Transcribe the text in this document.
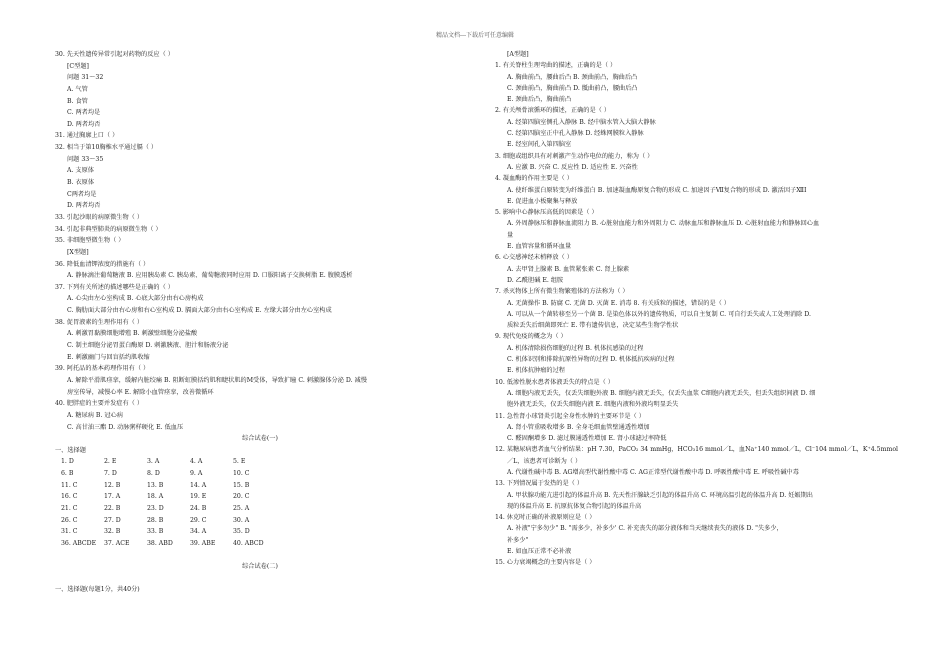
精品文档---下载后可任意编辑
30. 先天性遗传异常引起对药物的反应（ ）
[C型题]
问题 31～32
A. 气管
B. 食管
C. 两者均是
D. 两者均否
31. 通过胸廓上口（ ）
32. 相当于第10胸椎水平通过膈（ ）
问题 33～35
A. 支原体
B. 衣原体
C两者均是
D. 两者均否
33. 引起沙眼的病原微生物（ ）
34. 引起非典型肺炎的病原微生物（ ）
35. 非细胞型微生物（ ）
[X型题]
36. 降低血清钾浓度的措施有（ ）
A. 静脉滴注葡萄糖液 B. 应用胰岛素 C. 胰岛素、葡萄糖液同时应用 D. 口服阳离子交换树脂 E. 腹膜透析
37. 下列有关所述的描述哪些是正确的（ ）
A. 心尖由左心室构成 B. 心底大部分由右心房构成
C. 胸肋面大部分由右心房和右心室构成 D. 膈面大部分由右心室构成 E. 左缘大部分由左心室构成
38. 促胃液素的生理作用有（ ）
A. 刺激胃黏膜细胞增殖 B. 刺激壁细胞分泌盐酸
C. 制主细胞分泌胃蛋白酶原 D. 刺激胰液、胆汁和肠液分泌
E. 刺激幽门与回盲括约肌收缩
39. 阿托品的基本药理作用有（ ）
A. 解除平滑肌痉挛，缓解内脏绞痛 B. 阻断虹膜括约肌和睫状肌的M受体，导致扩瞳 C. 刺激腺体分泌 D. 减慢
房室传导，减慢心率 E. 解除小血管痉挛，改善微循环
40. 肥胖症的主要并发症有（ ）
A. 糖尿病 B. 冠心病
C. 高甘油三酯 D. 动脉粥样硬化 E. 低血压
综合试卷(一)
一、选择题
1. D	2. E	3. A	4. A	5. E
6. B	7. D	8. D	9. A	10. C
11. C	12. B	13. B	14. A	15. B
16. C	17. A	18. A	19. E	20. C
21. C	22. B	23. D	24. B	25. A
26. C	27. D	28. B	29. C	30. A
31. C	32. B	33. B	34. A	35. D
36. ABCDE 37. ACE	38. ABD	39. ABE	40. ABCD
综合试卷(二)
一、选择题(每题1分，共40分)
[A型题]
1. 有关脊柱生理弯曲的描述，正确的是（ ）
A. 胸曲前凸，腰曲后凸 B. 颈曲前凸，胸曲后凸
C. 颈曲前凸，胸曲前凸 D. 骶曲前凸，腰曲后凸
E. 颈曲后凸，胸曲前凸
2. 有关颅骨滚循环的描述，正确的是（ ）
A. 经第四脑室侧孔入静脉 B. 经中脑水管入大脑大静脉
C. 经第四脑室正中孔入静脉 D. 经蛛网膜粒入静脉
E. 经室间孔入第四脑室
3. 细胞或组织具有对刺激产生动作电位的能力，称为（ ）
A. 应激 B. 兴奋 C. 反应性 D. 适应性 E. 兴奋性
4. 凝血酶的作用主要是（ ）
A. 使纤维蛋白原转变为纤维蛋白 B. 加速凝血酶原复合物的形成 C. 加速因子Ⅶ复合物的形成 D. 激活因子ⅫI
E. 促进血小板聚集与释放
5. 影响中心静脉压高低的因素是（ ）
A. 外周静脉压和静脉血流阻力 B. 心脏射血能力和外周阻力 C. 动脉血压和静脉血压 D. 心脏射血能力和静脉回心血
量
E. 血管容量和循环血量
6. 心交感神经末梢释放（ ）
A. 去甲肾上腺素 B. 血管紧张素 C. 肾上腺素
D. 乙酰胆碱 E. 组胺
7. 杀灭物体上所有微生物繁殖体的方法称为（ ）
A. 无菌操作 B. 防腐 C. 无菌 D. 灭菌 E. 消毒 8. 有关质粒的描述，错误的是（ ）
A. 可以从一个菌转移至另一个菌 B. 是染色体以外的遗传物质，可以自主复制 C. 可自行丢失或人工处理消除 D.
质粒丢失后细菌即死亡 E. 带有遗传信息，决定某些生物学性状
9. 现代免疫的概念为（ ）
A. 机体清除损伤细胞的过程 B. 机体抗感染的过程
C. 机体识别和排除抗原性异物的过程 D. 机体抵抗疾病的过程
E. 机体抗肿瘤的过程
10. 低渗性脱水患者体液丢失的特点是（ ）
A. 细胞内液无丢失，仅丢失细胞外液 B. 细胞内液无丢失，仅丢失血浆 C细胞内液无丢失，但丢失组织间液 D. 细
胞外液无丢失，仅丢失细胞内液 E. 细胞内液和外液均明显丢失
11. 急性肾小球肾炎引起全身性水肿的主要环节是（ ）
A. 肾小管重吸收增多 B. 全身毛细血管壁通透性增加
C. 醛固酮增多 D. 滤过膜通透性增加 E. 肾小球滤过率降低
12. 某糖尿病患者血气分析结果：pH 7.30，PaCO₂ 34 mmHg，HCO₃16 mmol／L，血Na⁺140 mmol／L，Cl⁻104 mmol／L，K⁺4.5mmol
／L，该患者可诊断为（ ）
A. 代谢性碱中毒 B. AG增高型代谢性酸中毒 C. AG正常型代谢性酸中毒 D. 呼吸性酸中毒 E. 呼吸性碱中毒
13. 下列情况属于发热的是（ ）
A. 甲状腺功能亢进引起的体温升高 B. 先天性汗腺缺乏引起的体温升高 C. 环境高温引起的体温升高 D. 妊娠期出
现的体温升高 E. 抗原抗体复合物引起的体温升高
14. 休克时正确的补液原则应是（ ）
A. 补液"宁多勿少" B. "需多少，补多少' C. 补充丧失的部分液体和当天继续丧失的液体 D. "失多少，
补多少"
E. 如血压正常不必补液
15. 心力衰竭概念的主要内容是（ ）
